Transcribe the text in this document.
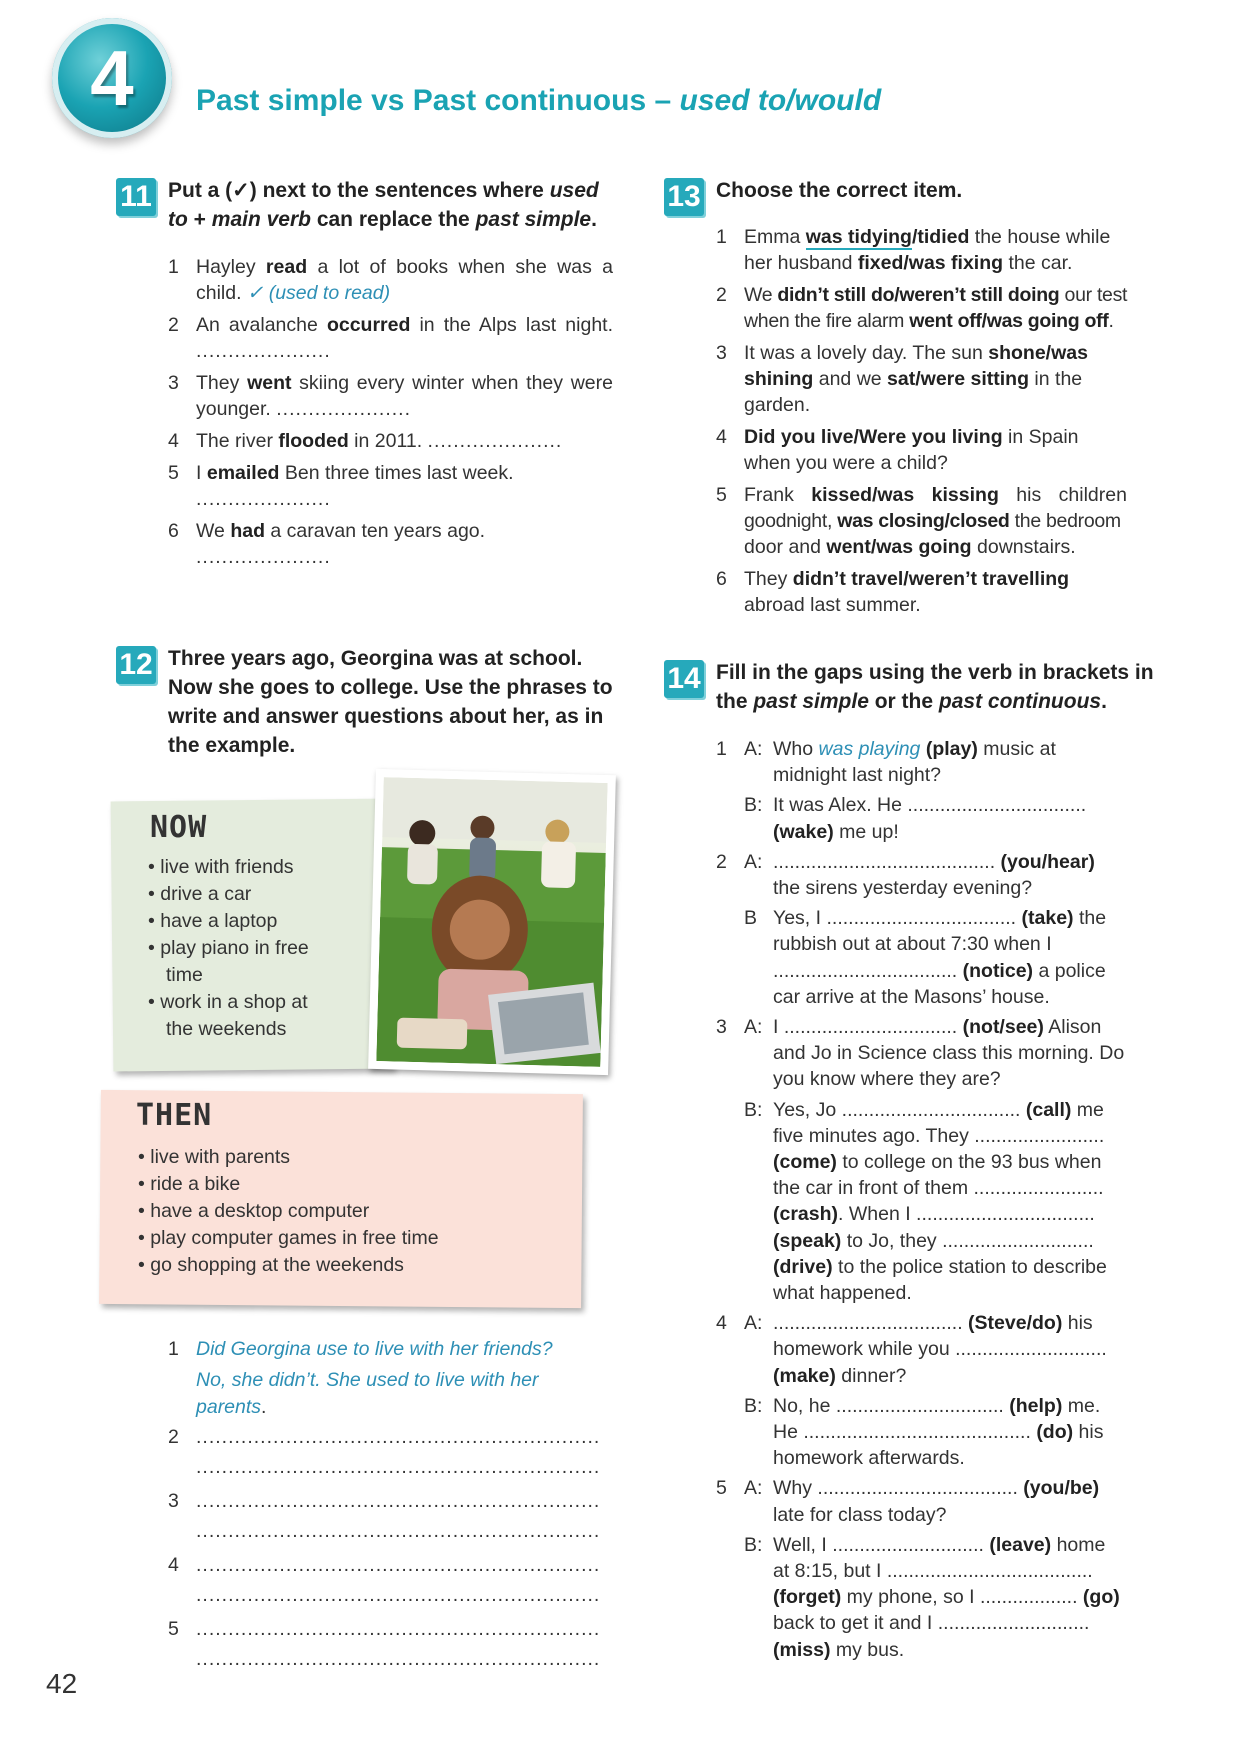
4	Past simple vs Past continuous – used to/would
11 Put a (✓) next to the sentences where used to + main verb can replace the past simple.
1 Hayley read a lot of books when she was a child. ✓ (used to read)
2 An avalanche occurred in the Alps last night. .....................
3 They went skiing every winter when they were younger. .....................
4 The river flooded in 2011. .....................
5 I emailed Ben three times last week. .....................
6 We had a caravan ten years ago. .....................
12 Three years ago, Georgina was at school. Now she goes to college. Use the phrases to write and answer questions about her, as in the example.
NOW
• live with friends
• drive a car
• have a laptop
• play piano in free
time
• work in a shop at
the weekends
THEN
• live with parents
• ride a bike
• have a desktop computer
• play computer games in free time
• go shopping at the weekends
1 Did Georgina use to live with her friends?
No, she didn’t. She used to live with her
parents.
2 ...............................................................
...............................................................
3 ...............................................................
...............................................................
4 ...............................................................
...............................................................
5 ...............................................................
...............................................................
42
13 Choose the correct item.
1 Emma was tidying/tidied the house while
her husband fixed/was fixing the car.
2 We didn’t still do/weren’t still doing our test
when the fire alarm went off/was going off.
3 It was a lovely day. The sun shone/was
shining and we sat/were sitting in the
garden.
4 Did you live/Were you living in Spain
when you were a child?
5 Frank kissed/was kissing his children
goodnight, was closing/closed the bedroom
door and went/was going downstairs.
6 They didn’t travel/weren’t travelling
abroad last summer.
14 Fill in the gaps using the verb in brackets in
the past simple or the past continuous.
1 A: Who was playing (play) music at
midnight last night?
B: It was Alex. He .................................
(wake) me up!
2 A: ......................................... (you/hear)
the sirens yesterday evening?
B Yes, I ................................... (take) the
rubbish out at about 7:30 when I
.................................. (notice) a police
car arrive at the Masons’ house.
3 A: I ................................ (not/see) Alison
and Jo in Science class this morning. Do
you know where they are?
B: Yes, Jo ................................. (call) me
five minutes ago. They ........................
(come) to college on the 93 bus when
the car in front of them ........................
(crash). When I .................................
(speak) to Jo, they ............................
(drive) to the police station to describe
what happened.
4 A: ................................... (Steve/do) his
homework while you ............................
(make) dinner?
B: No, he ............................... (help) me.
He .......................................... (do) his
homework afterwards.
5 A: Why ..................................... (you/be)
late for class today?
B: Well, I ............................ (leave) home
at 8:15, but I ......................................
(forget) my phone, so I .................. (go)
back to get it and I ............................
(miss) my bus.
